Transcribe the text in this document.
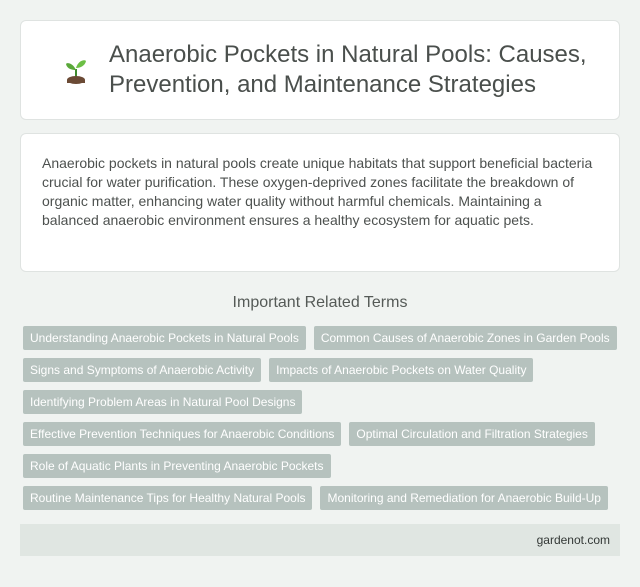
Anaerobic Pockets in Natural Pools: Causes, Prevention, and Maintenance Strategies

Anaerobic pockets in natural pools create unique habitats that support beneficial bacteria crucial for water purification. These oxygen-deprived zones facilitate the breakdown of organic matter, enhancing water quality without harmful chemicals. Maintaining a balanced anaerobic environment ensures a healthy ecosystem for aquatic pets.

Important Related Terms
Understanding Anaerobic Pockets in Natural Pools	Common Causes of Anaerobic Zones in Garden Pools
Signs and Symptoms of Anaerobic Activity	Impacts of Anaerobic Pockets on Water Quality
Identifying Problem Areas in Natural Pool Designs
Effective Prevention Techniques for Anaerobic Conditions	Optimal Circulation and Filtration Strategies
Role of Aquatic Plants in Preventing Anaerobic Pockets
Routine Maintenance Tips for Healthy Natural Pools	Monitoring and Remediation for Anaerobic Build-Up
gardenot.com
